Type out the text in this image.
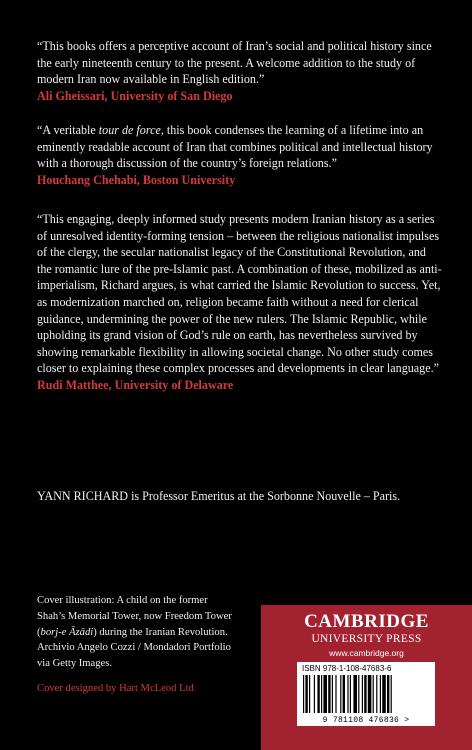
“This books offers a perceptive account of Iran’s social and political history since the early nineteenth century to the present. A welcome addition to the study of modern Iran now available in English edition.”

Ali Gheissari, University of San Diego

“A veritable tour de force, this book condenses the learning of a lifetime into an eminently readable account of Iran that combines political and intellectual history with a thorough discussion of the country’s foreign relations.”

Houchang Chehabi, Boston University

“This engaging, deeply informed study presents modern Iranian history as a series of unresolved identity-forming tension – between the religious nationalist impulses of the clergy, the secular nationalist legacy of the Constitutional Revolution, and the romantic lure of the pre-Islamic past. A combination of these, mobilized as anti-imperialism, Richard argues, is what carried the Islamic Revolution to success. Yet, as modernization marched on, religion became faith without a need for clerical guidance, undermining the power of the new rulers. The Islamic Republic, while upholding its grand vision of God’s rule on earth, has nevertheless survived by showing remarkable flexibility in allowing societal change. No other study comes closer to explaining these complex processes and developments in clear language.”

Rudi Matthee, University of Delaware
YANN RICHARD is Professor Emeritus at the Sorbonne Nouvelle – Paris.
Cover illustration: A child on the former Shah’s Memorial Tower, now Freedom Tower (borj-e Āzādi) during the Iranian Revolution. Archivio Angelo Cozzi / Mondadori Portfolio via Getty Images.
Cover designed by Hart McLeod Ltd
CAMBRIDGE
UNIVERSITY PRESS
www.cambridge.org
ISBN 978-1-108-47683-6
9 781108 476836 >
